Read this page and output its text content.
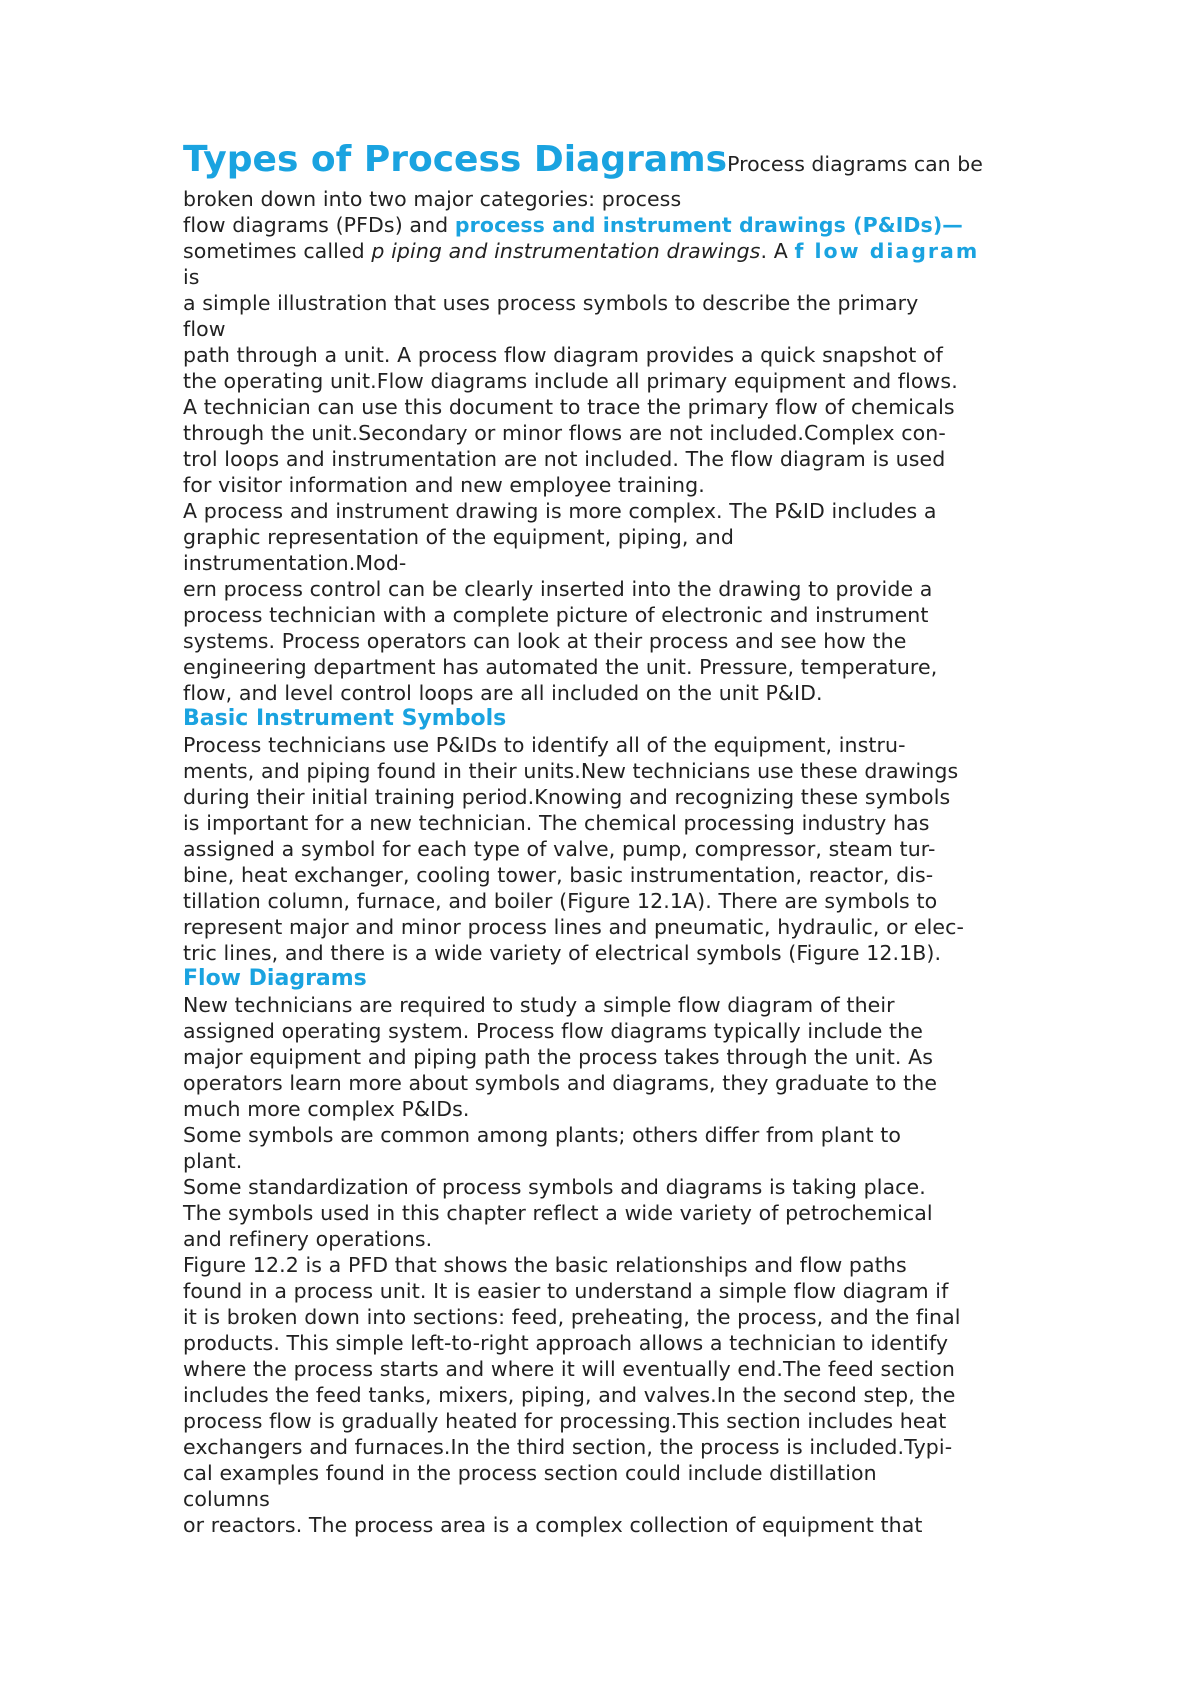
Types of Process DiagramsProcess diagrams can be
broken down into two major categories: process
flow diagrams (PFDs) and process and instrument drawings (P&IDs)—
sometimes called p iping and instrumentation drawings. A f low diagram
is
a simple illustration that uses process symbols to describe the primary
flow
path through a unit. A process flow diagram provides a quick snapshot of
the operating unit.Flow diagrams include all primary equipment and flows.
A technician can use this document to trace the primary flow of chemicals
through the unit.Secondary or minor flows are not included.Complex con-
trol loops and instrumentation are not included. The flow diagram is used
for visitor information and new employee training.
A process and instrument drawing is more complex. The P&ID includes a
graphic representation of the equipment, piping, and
instrumentation.Mod-
ern process control can be clearly inserted into the drawing to provide a
process technician with a complete picture of electronic and instrument
systems. Process operators can look at their process and see how the
engineering department has automated the unit. Pressure, temperature,
flow, and level control loops are all included on the unit P&ID.
Basic Instrument Symbols
Process technicians use P&IDs to identify all of the equipment, instru-
ments, and piping found in their units.New technicians use these drawings
during their initial training period.Knowing and recognizing these symbols
is important for a new technician. The chemical processing industry has
assigned a symbol for each type of valve, pump, compressor, steam tur-
bine, heat exchanger, cooling tower, basic instrumentation, reactor, dis-
tillation column, furnace, and boiler (Figure 12.1A). There are symbols to
represent major and minor process lines and pneumatic, hydraulic, or elec-
tric lines, and there is a wide variety of electrical symbols (Figure 12.1B).
Flow Diagrams
New technicians are required to study a simple flow diagram of their
assigned operating system. Process flow diagrams typically include the
major equipment and piping path the process takes through the unit. As
operators learn more about symbols and diagrams, they graduate to the
much more complex P&IDs.
Some symbols are common among plants; others differ from plant to
plant.
Some standardization of process symbols and diagrams is taking place.
The symbols used in this chapter reflect a wide variety of petrochemical
and refinery operations.
Figure 12.2 is a PFD that shows the basic relationships and flow paths
found in a process unit. It is easier to understand a simple flow diagram if
it is broken down into sections: feed, preheating, the process, and the final
products. This simple left-to-right approach allows a technician to identify
where the process starts and where it will eventually end.The feed section
includes the feed tanks, mixers, piping, and valves.In the second step, the
process flow is gradually heated for processing.This section includes heat
exchangers and furnaces.In the third section, the process is included.Typi-
cal examples found in the process section could include distillation
columns
or reactors. The process area is a complex collection of equipment that
